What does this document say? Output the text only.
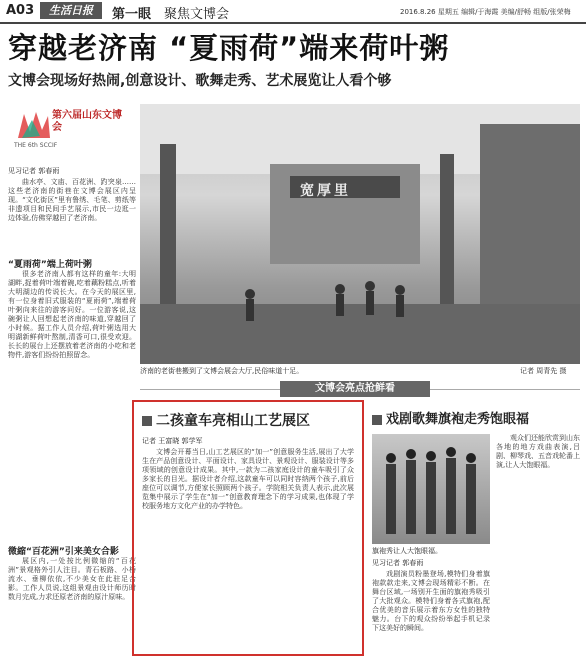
A03	生活日报	第一眼 聚焦文博会	2016.8.26 星期五 编辑/于海霞 美编/舒畅 组版/张荣梅
穿越老济南 “夏雨荷”端来荷叶粥
文博会现场好热闹,创意设计、歌舞走秀、艺术展览让人看个够
第六届山东文博会
THE 6th SCCIF
见习记者 郭春雨
曲水亭、文庙、百花洲、趵突泉……这些老济南的街巷在文博会展区内呈现。“文化街区”里有鲁绣、毛笔、剪纸等非遗项目和民间手艺展示,市民一边逛一边体验,仿佛穿越回了老济南。
“夏雨荷”端上荷叶粥
很多老济南人都有这样的童年:大明湖畔,捉着荷叶端着碗,吃着藕粉糕点,听着大明湖边的传说长大。在今天的展区里,有一位身着旧式服装的“夏雨荷”,端着荷叶粥向来往的游客问好。一位游客说,这碗粥让人回想起老济南的味道,穿越回了小时候。据工作人员介绍,荷叶粥选用大明湖新鲜荷叶熬制,清香可口,很受欢迎。长长的展台上还摆放着老济南的小吃和老物件,游客们纷纷拍照留念。
微縮“百花洲”引来美女合影
展区内,一处按比例微缩的“百花洲”景观格外引人注目。青石板路、小桥流水、垂柳依依,不少美女在此驻足合影。工作人员说,这组景观由设计师历时数月完成,力求还原老济南的原汁原味。
宽厚里
济南的老街巷搬到了文博会展会大厅,民俗味道十足。	记者 周青先 摄
文博会亮点抢鲜看
二孩童车亮相山工艺展区
记者 王富晓 郭学军
文博会开幕当日,山工艺展区的“加一”创意服务生活,展出了大学生在产品创意设计、平面设计、家具设计、景观设计、服装设计等多项领域的创意设计成果。其中,一款为二孩家庭设计的童车吸引了众多家长的目光。据设计者介绍,这款童车可以同时容纳两个孩子,前后座位可以调节,方便家长照顾两个孩子。学院相关负责人表示,此次展览集中展示了学生在“加一”创意教育理念下的学习成果,也体现了学校服务地方文化产业的办学特色。
戏剧歌舞旗袍走秀饱眼福
旗袍秀让人大饱眼福。
见习记者 郭春雨
戏剧演员粉墨登场,模特们身着旗袍款款走来,文博会现场精彩不断。在舞台区域,一场别开生面的旗袍秀吸引了大批观众。模特们身着各式旗袍,配合优美的音乐展示着东方女性的独特魅力。台下的观众纷纷举起手机记录下这美好的瞬间。
观众们还能欣赏到山东各地的地方戏曲表演,吕剧、柳琴戏、五音戏轮番上演,让人大饱眼福。
